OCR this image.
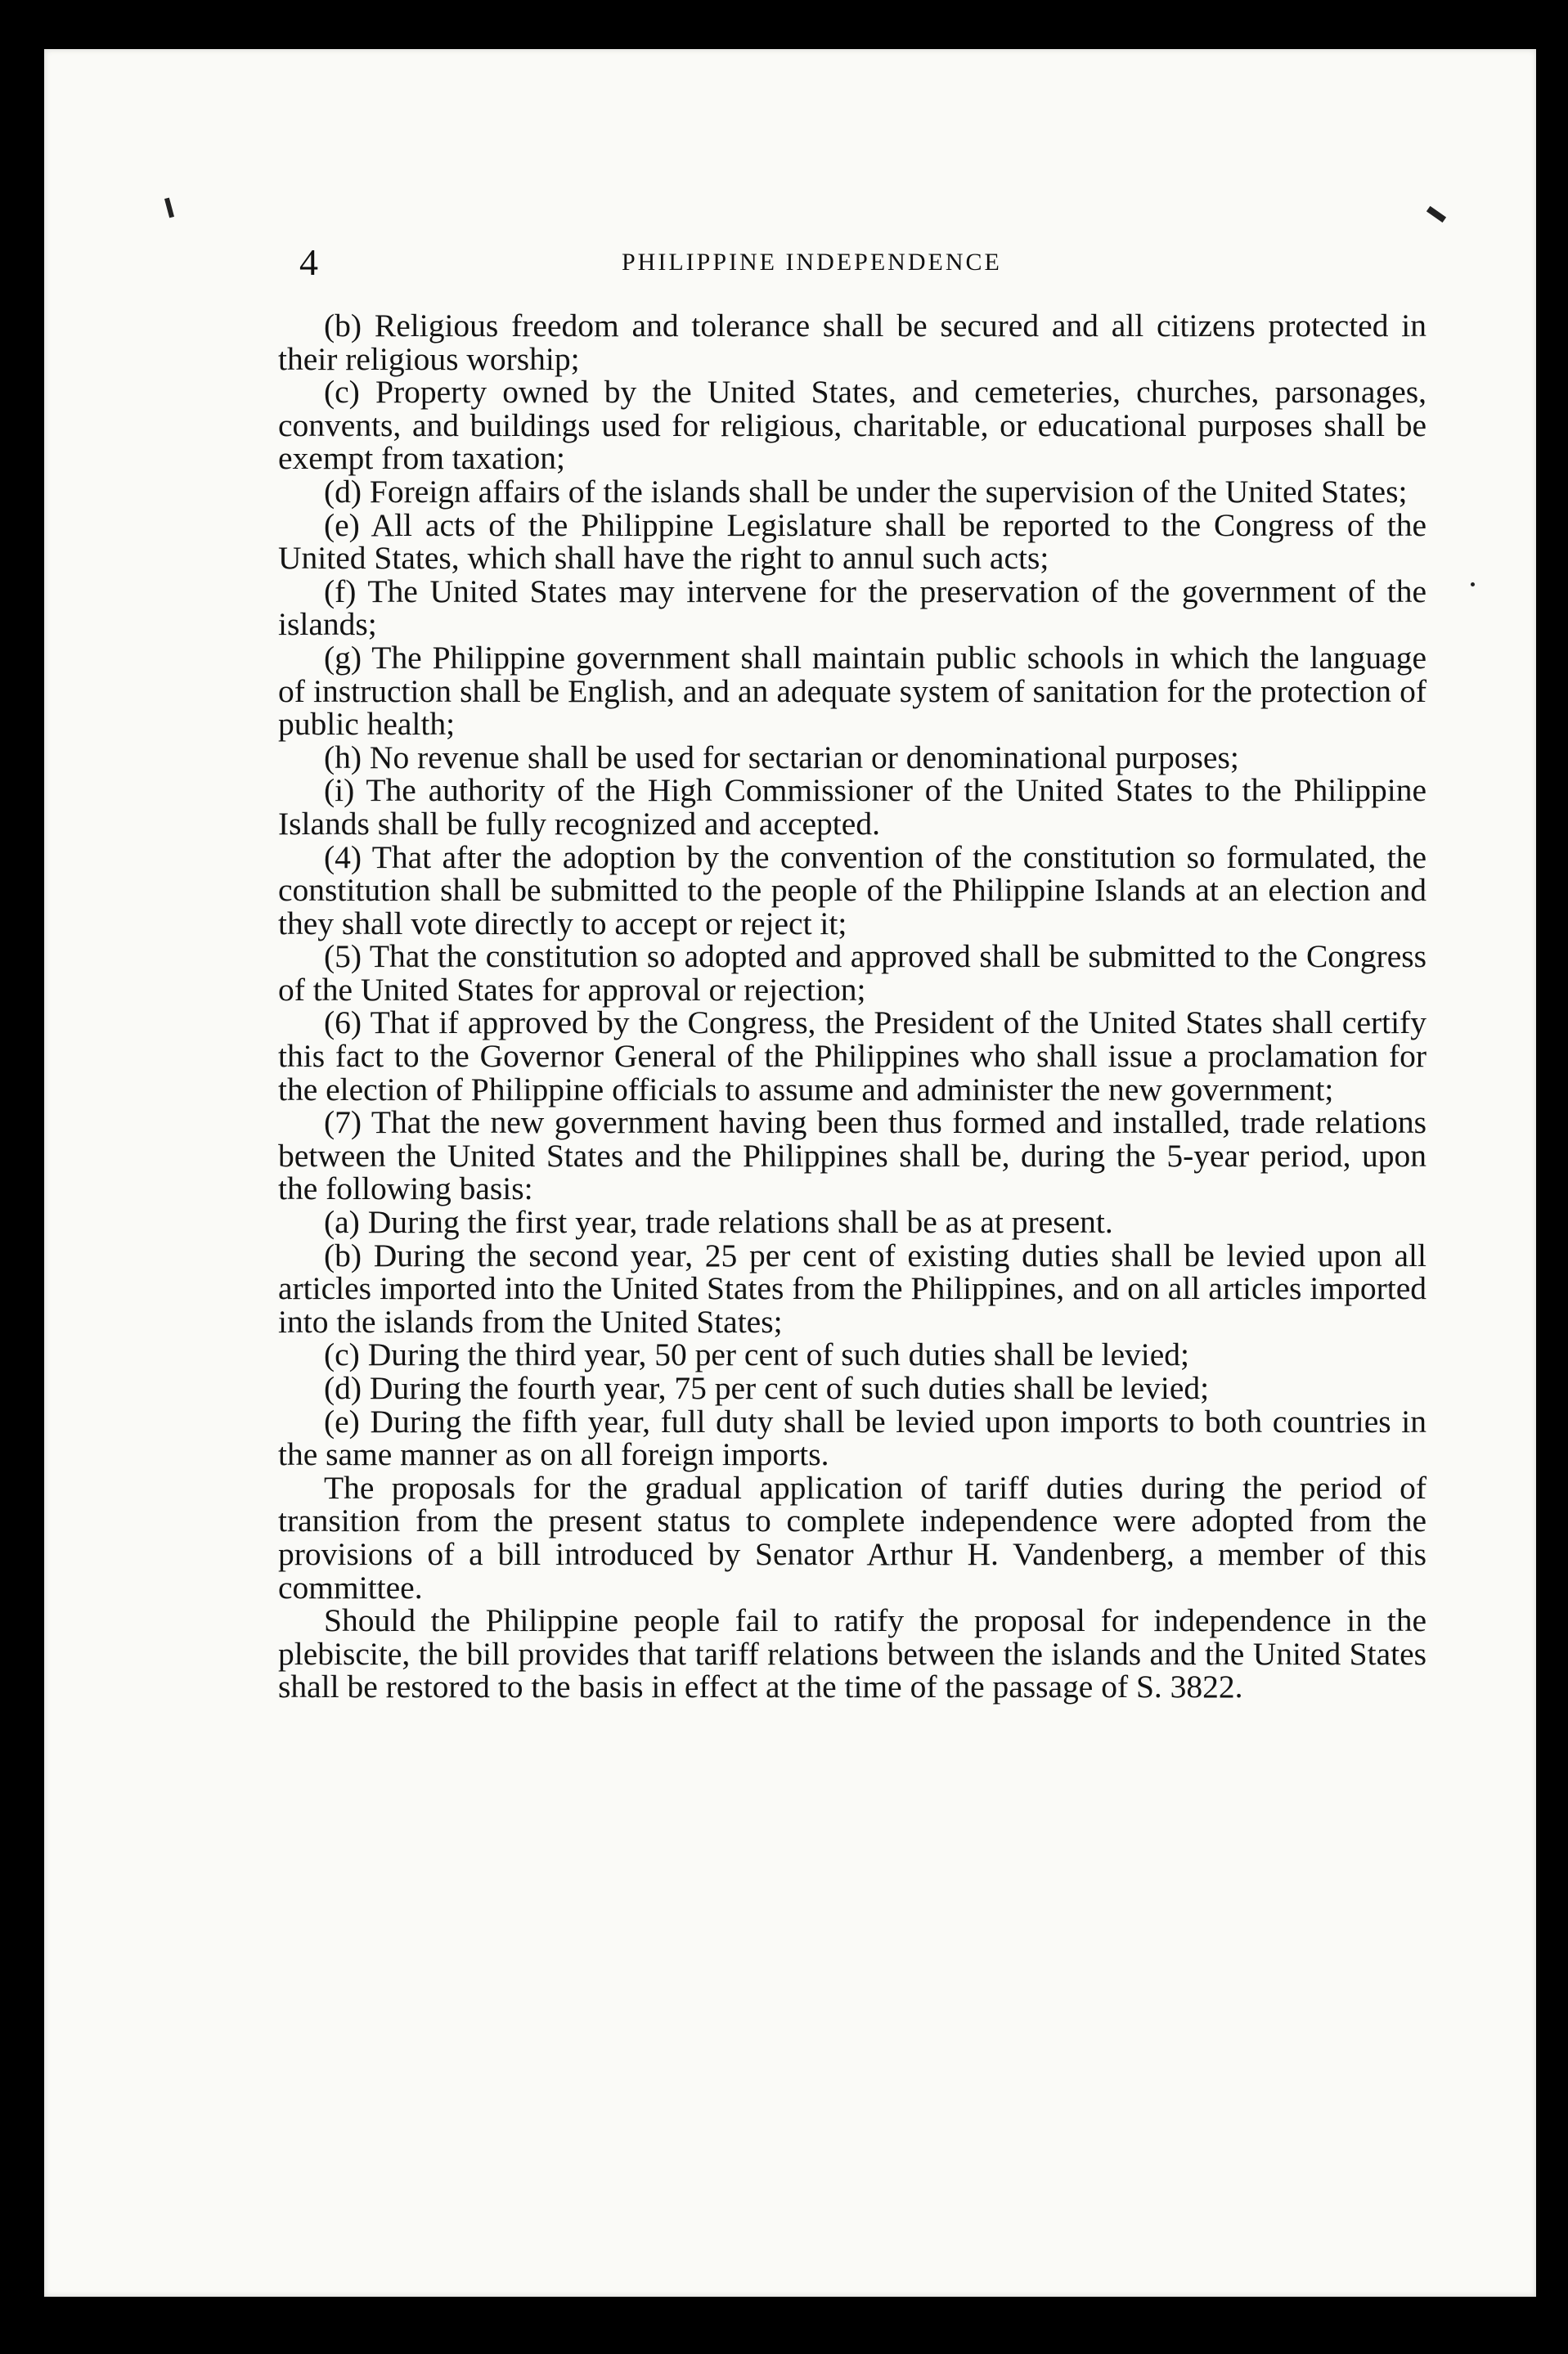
4	PHILIPPINE INDEPENDENCE

(b) Religious freedom and tolerance shall be secured and all citizens protected in their religious worship;

(c) Property owned by the United States, and cemeteries, churches, parsonages, convents, and buildings used for religious, charitable, or educational purposes shall be exempt from taxation;

(d) Foreign affairs of the islands shall be under the supervision of the United States;

(e) All acts of the Philippine Legislature shall be reported to the Congress of the United States, which shall have the right to annul such acts;

(f) The United States may intervene for the preservation of the government of the islands;

(g) The Philippine government shall maintain public schools in which the language of instruction shall be English, and an adequate system of sanitation for the protection of public health;

(h) No revenue shall be used for sectarian or denominational purposes;

(i) The authority of the High Commissioner of the United States to the Philippine Islands shall be fully recognized and accepted.

(4) That after the adoption by the convention of the constitution so formulated, the constitution shall be submitted to the people of the Philippine Islands at an election and they shall vote directly to accept or reject it;

(5) That the constitution so adopted and approved shall be submitted to the Congress of the United States for approval or rejection;

(6) That if approved by the Congress, the President of the United States shall certify this fact to the Governor General of the Philippines who shall issue a proclamation for the election of Philippine officials to assume and administer the new government;

(7) That the new government having been thus formed and installed, trade relations between the United States and the Philippines shall be, during the 5-year period, upon the following basis:

(a) During the first year, trade relations shall be as at present.

(b) During the second year, 25 per cent of existing duties shall be levied upon all articles imported into the United States from the Philippines, and on all articles imported into the islands from the United States;

(c) During the third year, 50 per cent of such duties shall be levied;

(d) During the fourth year, 75 per cent of such duties shall be levied;

(e) During the fifth year, full duty shall be levied upon imports to both countries in the same manner as on all foreign imports.

The proposals for the gradual application of tariff duties during the period of transition from the present status to complete independence were adopted from the provisions of a bill introduced by Senator Arthur H. Vandenberg, a member of this committee.

Should the Philippine people fail to ratify the proposal for independence in the plebiscite, the bill provides that tariff relations between the islands and the United States shall be restored to the basis in effect at the time of the passage of S. 3822.
